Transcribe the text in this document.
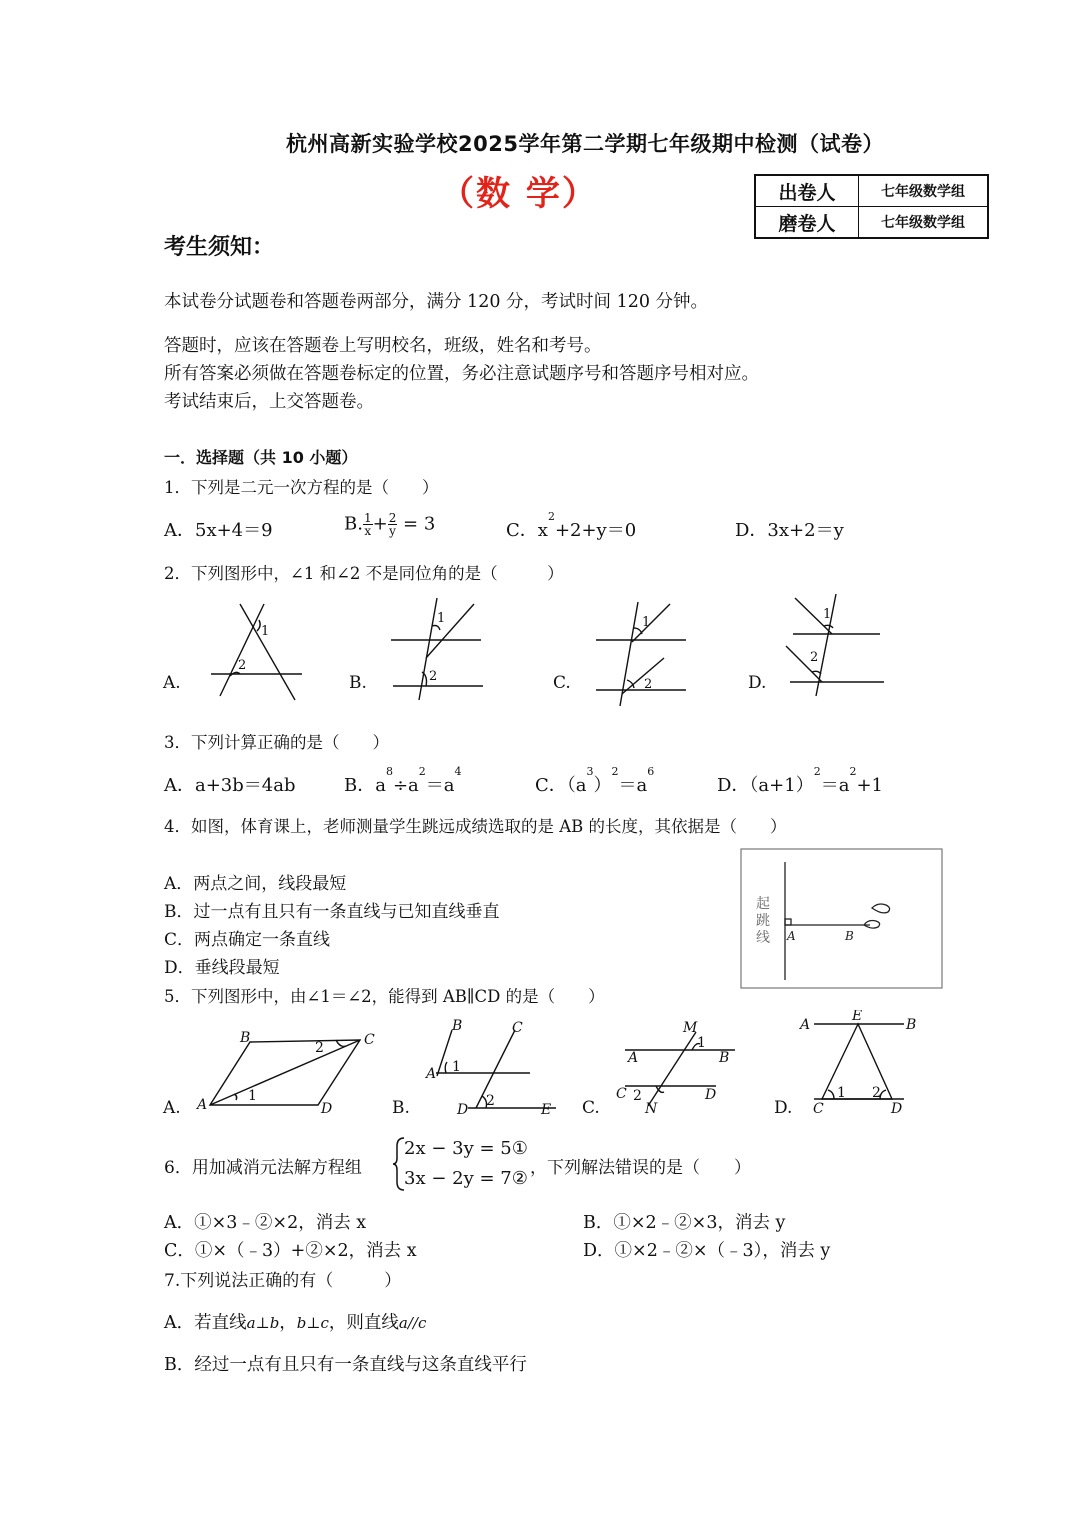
杭州高新实验学校2025学年第二学期七年级期中检测（试卷）
（数 学）	出卷人	七年级数学组
磨卷人	七年级数学组
考生须知：
本试卷分试题卷和答题卷两部分，满分 120 分，考试时间 120 分钟。
答题时，应该在答题卷上写明校名，班级，姓名和考号。
所有答案必须做在答题卷标定的位置，务必注意试题序号和答题序号相对应。
考试结束后，上交答题卷。
一．选择题（共 10 小题）
1．下列是二元一次方程的是（　　）
A．5x+4＝9	B. $\frac{1}{x} + \frac{2}{y} = 3$	C．$x^2+2+y=0$	D．3x+2＝y
2．下列图形中，∠1 和∠2 不是同位角的是（　　　）
A.	B.	C.	D.
1
2
1
2
1
2
1
2
3．下列计算正确的是（　　）
A．a+3b＝4ab	B．$a^8\div a^2=a^4$
C．$(a^3)^2=a^6$
D．$(a+1)^2=a^2+1$
4．如图，体育课上，老师测量学生跳远成绩选取的是 AB 的长度，其依据是（　　）
A．两点之间，线段最短
B．过一点有且只有一条直线与已知直线垂直
C．两点确定一条直线
D．垂线段最短
起
跳
线 A	B
5．下列图形中，由∠1＝∠2，能得到 AB∥CD 的是（　　）
A.	B.	C.	D.
B	C
A	D
1
2
B	C
A
D	E
1
2
M
A	B
C	D
N
1
2
A
E
B
C	D
1 2
6．用加减消元法解方程组
2x − 3y = 5①
3x − 2y = 7② ，下列解法错误的是（　　）
A．①×3﹣②×2，消去 x	B．①×2﹣②×3，消去 y
C．①×（﹣3）+②×2，消去 x	D．①×2﹣②×（﹣3），消去 y
7.下列说法正确的有（　　　）
A．若直线a⊥b，b⊥c，则直线a//c
B．经过一点有且只有一条直线与这条直线平行
